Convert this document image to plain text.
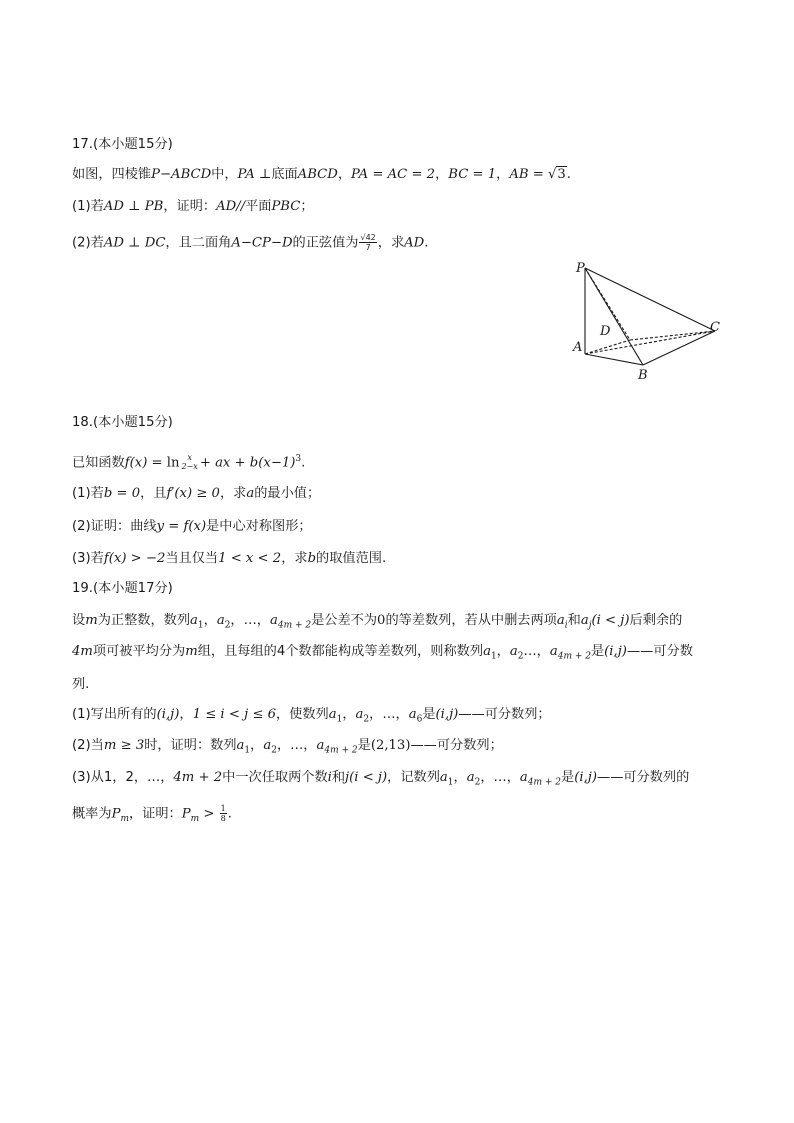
17.(本小题15分)
如图，四棱锥P−ABCD中，PA ⊥底面ABCD，PA = AC = 2，BC = 1，AB = √3.
(1)若AD ⊥ PB，证明：AD//平面PBC；
(2)若AD ⊥ DC，且二面角A−CP−D的正弦值为 $\frac{√42}{7}$ ，求AD.
P
D	C
A
B
18.(本小题15分)
已知函数f(x) = ln x
2−x + ax + $b(x-1)^3$.
(1)若b = 0，且f′(x) ≥ 0，求a的最小值；
(2)证明：曲线y = f(x)是中心对称图形；
(3)若f(x) > −2当且仅当1 < x < 2，求b的取值范围.
19.(本小题17分)
设m为正整数，数列$a_1$，$a_2$，…，$a_{4m + 2}$是公差不为0的等差数列，若从中删去两项$a_i$和$a_j(i < j)$后剩余的
4m项可被平均分为m组，且每组的4个数都能构成等差数列，则称数列$a_1$，$a_2\dots$，$a_{4m + 2}$是(i,j)——可分数
列.
(1)写出所有的(i,j)，1 ≤ i < j ≤ 6，使数列$a_1$，$a_2$，…，$a_6$是(i,j)——可分数列；
(2)当m ≥ 3时，证明：数列$a_1$，$a_2$，…，$a_{4m + 2}$是(2,13)——可分数列；
(3)从1，2，…，4m + 2中一次任取两个数i和j(i < j)，记数列$a_1$，$a_2$，…，$a_{4m + 2}$是(i,j)——可分数列的
概率为$P_m$，证明：$P_m > \frac{1}{8}$ .
